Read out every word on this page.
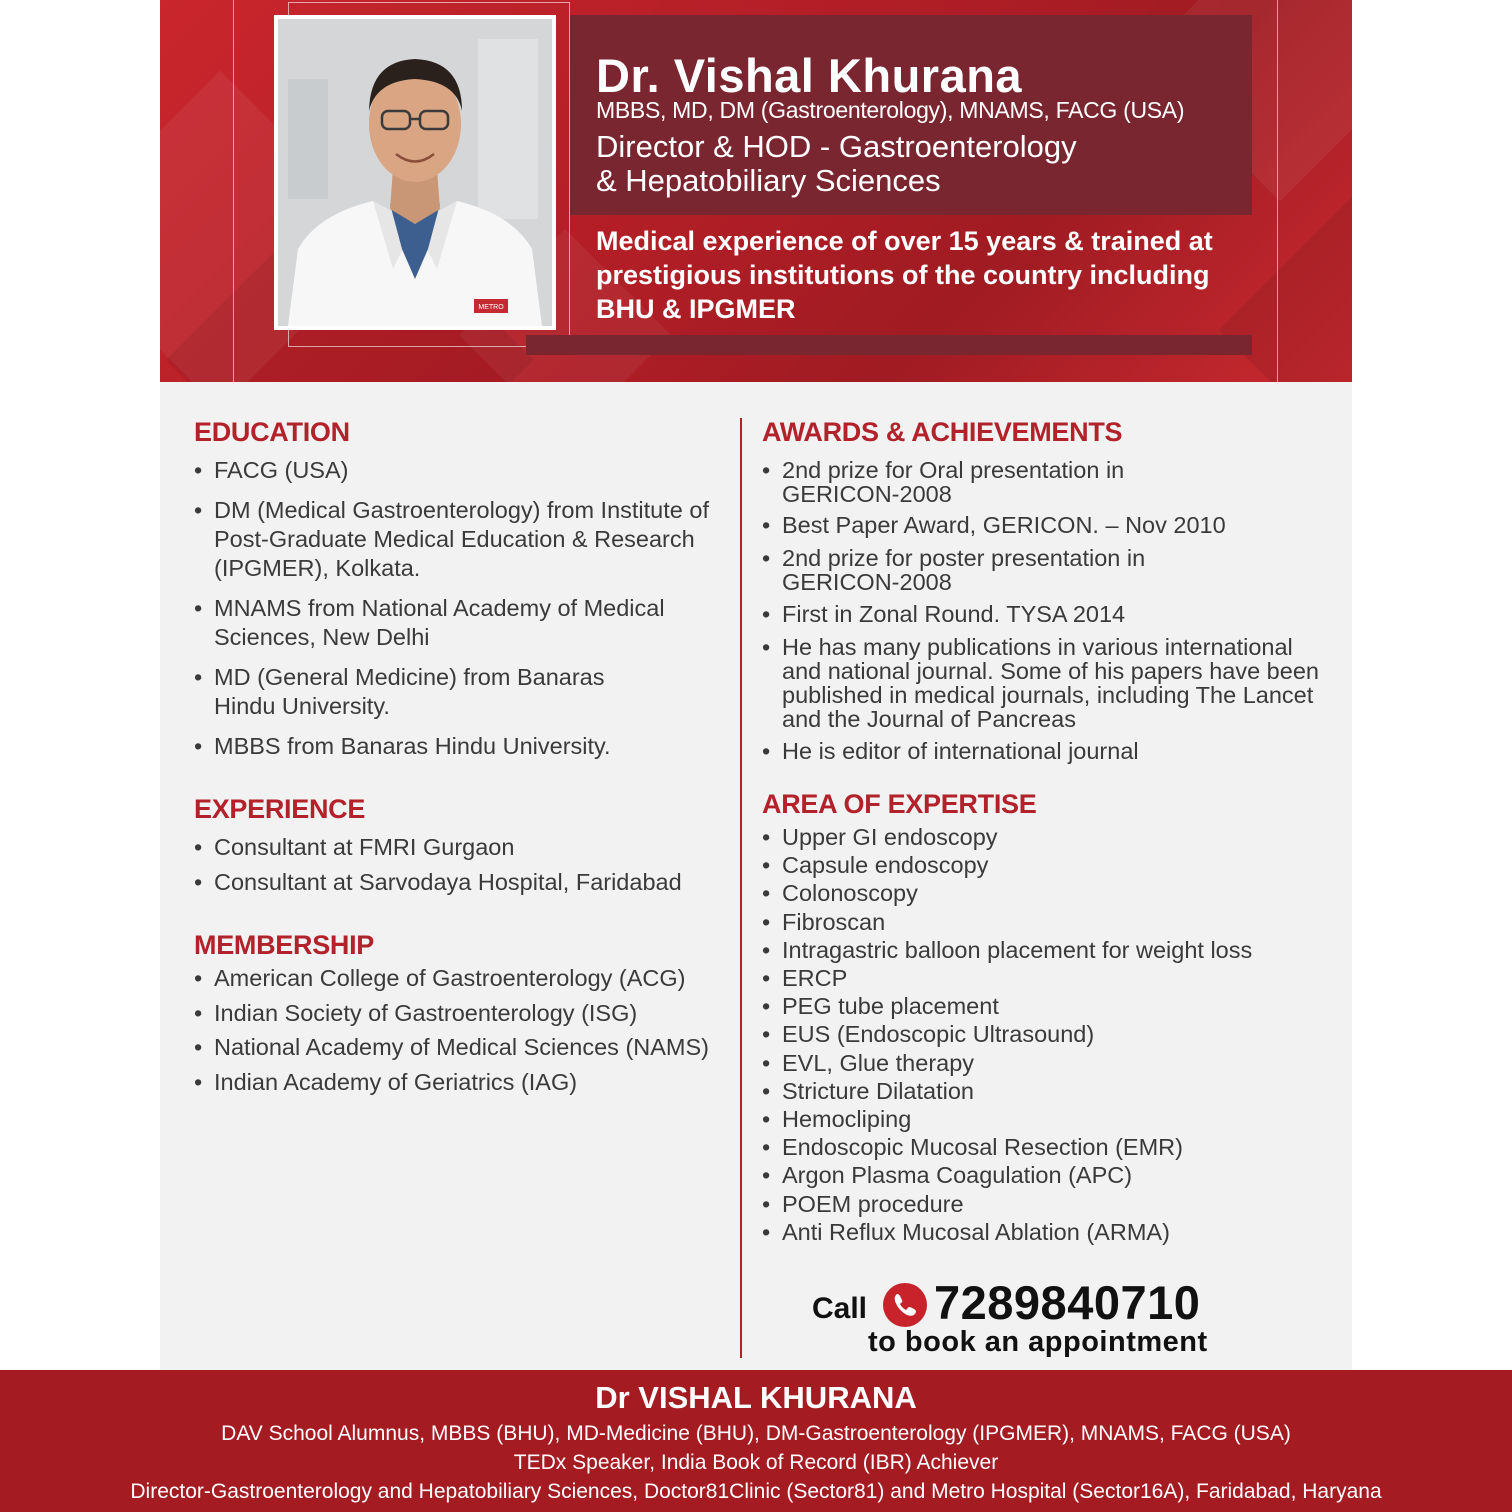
METRO
Dr. Vishal Khurana
MBBS, MD, DM (Gastroenterology), MNAMS, FACG (USA)
Director & HOD - Gastroenterology
& Hepatobiliary Sciences
Medical experience of over 15 years & trained at prestigious institutions of the country including BHU & IPGMER
EDUCATION
• FACG (USA)
• DM (Medical Gastroenterology) from Institute of Post-Graduate Medical Education & Research (IPGMER), Kolkata.
• MNAMS from National Academy of Medical Sciences, New Delhi
• MD (General Medicine) from Banaras Hindu University.
• MBBS from Banaras Hindu University.
EXPERIENCE
• Consultant at FMRI Gurgaon
• Consultant at Sarvodaya Hospital, Faridabad
MEMBERSHIP
• American College of Gastroenterology (ACG)
• Indian Society of Gastroenterology (ISG)
• National Academy of Medical Sciences (NAMS)
• Indian Academy of Geriatrics (IAG)
AWARDS & ACHIEVEMENTS
• 2nd prize for Oral presentation in GERICON-2008
• Best Paper Award, GERICON. – Nov 2010
• 2nd prize for poster presentation in GERICON-2008
• First in Zonal Round. TYSA 2014
• He has many publications in various international and national journal. Some of his papers have been published in medical journals, including The Lancet and the Journal of Pancreas
• He is editor of international journal
AREA OF EXPERTISE
• Upper GI endoscopy
• Capsule endoscopy
• Colonoscopy
• Fibroscan
• Intragastric balloon placement for weight loss
• ERCP
• PEG tube placement
• EUS (Endoscopic Ultrasound)
• EVL, Glue therapy
• Stricture Dilatation
• Hemocliping
• Endoscopic Mucosal Resection (EMR)
• Argon Plasma Coagulation (APC)
• POEM procedure
• Anti Reflux Mucosal Ablation (ARMA)
Call 7289840710
to book an appointment
Dr VISHAL KHURANA
DAV School Alumnus, MBBS (BHU), MD-Medicine (BHU), DM-Gastroenterology (IPGMER), MNAMS, FACG (USA)
TEDx Speaker, India Book of Record (IBR) Achiever
Director-Gastroenterology and Hepatobiliary Sciences, Doctor81Clinic (Sector81) and Metro Hospital (Sector16A), Faridabad, Haryana
